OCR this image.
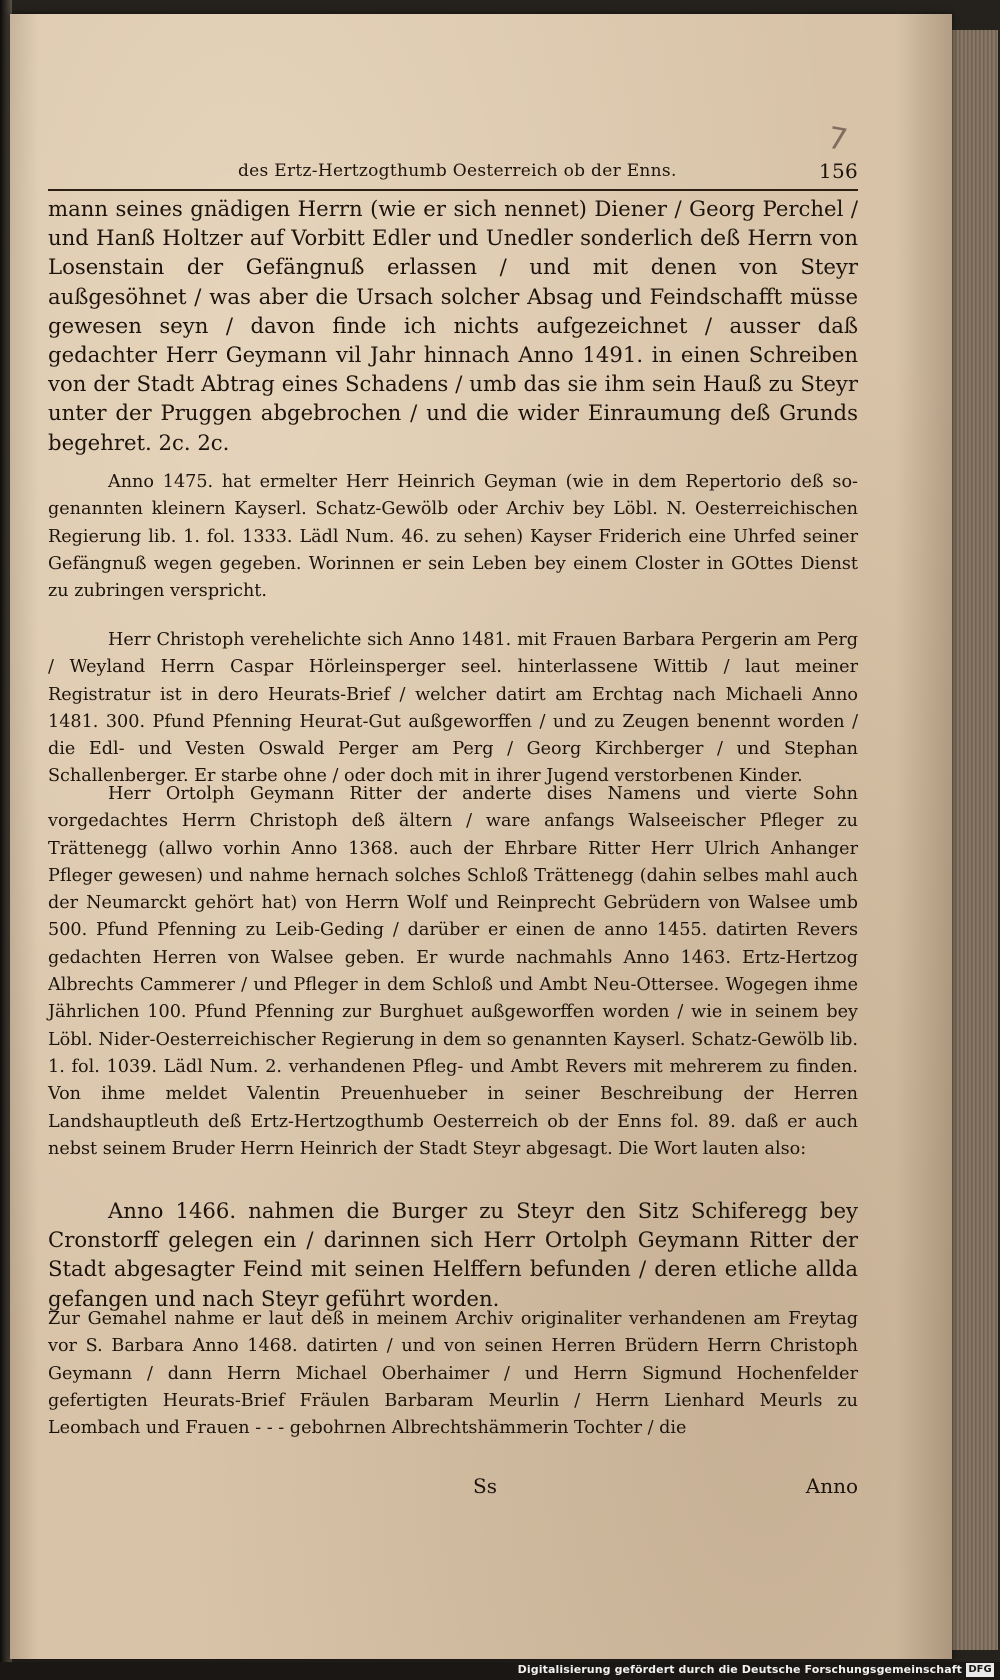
7
des Ertz-Hertzogthumb Oesterreich ob der Enns.	156

mann seines gnädigen Herrn (wie er sich nennet) Diener / Georg Perchel / und Hanß Holtzer auf Vorbitt Edler und Unedler sonderlich deß Herrn von Losenstain der Gefängnuß erlassen / und mit denen von Steyr außgesöhnet / was aber die Ursach solcher Absag und Feindschafft müsse gewesen seyn / davon finde ich nichts aufgezeichnet / ausser daß gedachter Herr Geymann vil Jahr hinnach Anno 1491. in einen Schreiben von der Stadt Abtrag eines Schadens / umb das sie ihm sein Hauß zu Steyr unter der Pruggen abgebrochen / und die wider Einraumung deß Grunds begehret. 2c. 2c.

Anno 1475. hat ermelter Herr Heinrich Geyman (wie in dem Repertorio deß so-genannten kleinern Kayserl. Schatz-Gewölb oder Archiv bey Löbl. N. Oesterreichischen Regierung lib. 1. fol. 1333. Lädl Num. 46. zu sehen) Kayser Friderich eine Uhrfed seiner Gefängnuß wegen gegeben. Worinnen er sein Leben bey einem Closter in GOttes Dienst zu zubringen verspricht.

Herr Christoph verehelichte sich Anno 1481. mit Frauen Barbara Pergerin am Perg / Weyland Herrn Caspar Hörleinsperger seel. hinterlassene Wittib / laut meiner Registratur ist in dero Heurats-Brief / welcher datirt am Erchtag nach Michaeli Anno 1481. 300. Pfund Pfenning Heurat-Gut außgeworffen / und zu Zeugen benennt worden / die Edl- und Vesten Oswald Perger am Perg / Georg Kirchberger / und Stephan Schallenberger. Er starbe ohne / oder doch mit in ihrer Jugend verstorbenen Kinder.

Herr Ortolph Geymann Ritter der anderte dises Namens und vierte Sohn vorgedachtes Herrn Christoph deß ältern / ware anfangs Walseeischer Pfleger zu Trättenegg (allwo vorhin Anno 1368. auch der Ehrbare Ritter Herr Ulrich Anhanger Pfleger gewesen) und nahme hernach solches Schloß Trättenegg (dahin selbes mahl auch der Neumarckt gehört hat) von Herrn Wolf und Reinprecht Gebrüdern von Walsee umb 500. Pfund Pfenning zu Leib-Geding / darüber er einen de anno 1455. datirten Revers gedachten Herren von Walsee geben. Er wurde nachmahls Anno 1463. Ertz-Hertzog Albrechts Cammerer / und Pfleger in dem Schloß und Ambt Neu-Ottersee. Wogegen ihme Jährlichen 100. Pfund Pfenning zur Burghuet außgeworffen worden / wie in seinem bey Löbl. Nider-Oesterreichischer Regierung in dem so genannten Kayserl. Schatz-Gewölb lib. 1. fol. 1039. Lädl Num. 2. verhandenen Pfleg- und Ambt Revers mit mehrerem zu finden. Von ihme meldet Valentin Preuenhueber in seiner Beschreibung der Herren Landshauptleuth deß Ertz-Hertzogthumb Oesterreich ob der Enns fol. 89. daß er auch nebst seinem Bruder Herrn Heinrich der Stadt Steyr abgesagt. Die Wort lauten also:

Anno 1466. nahmen die Burger zu Steyr den Sitz Schiferegg bey Cronstorff gelegen ein / darinnen sich Herr Ortolph Geymann Ritter der Stadt abgesagter Feind mit seinen Helffern befunden / deren etliche allda gefangen und nach Steyr geführt worden.

Zur Gemahel nahme er laut deß in meinem Archiv originaliter verhandenen am Freytag vor S. Barbara Anno 1468. datirten / und von seinen Herren Brüdern Herrn Christoph Geymann / dann Herrn Michael Oberhaimer / und Herrn Sigmund Hochenfelder gefertigten Heurats-Brief Fräulen Barbaram Meurlin / Herrn Lienhard Meurls zu Leombach und Frauen - - - gebohrnen Albrechtshämmerin Tochter / die

Ss	Anno
Digitalisierung gefördert durch die Deutsche Forschungsgemeinschaft DFG
